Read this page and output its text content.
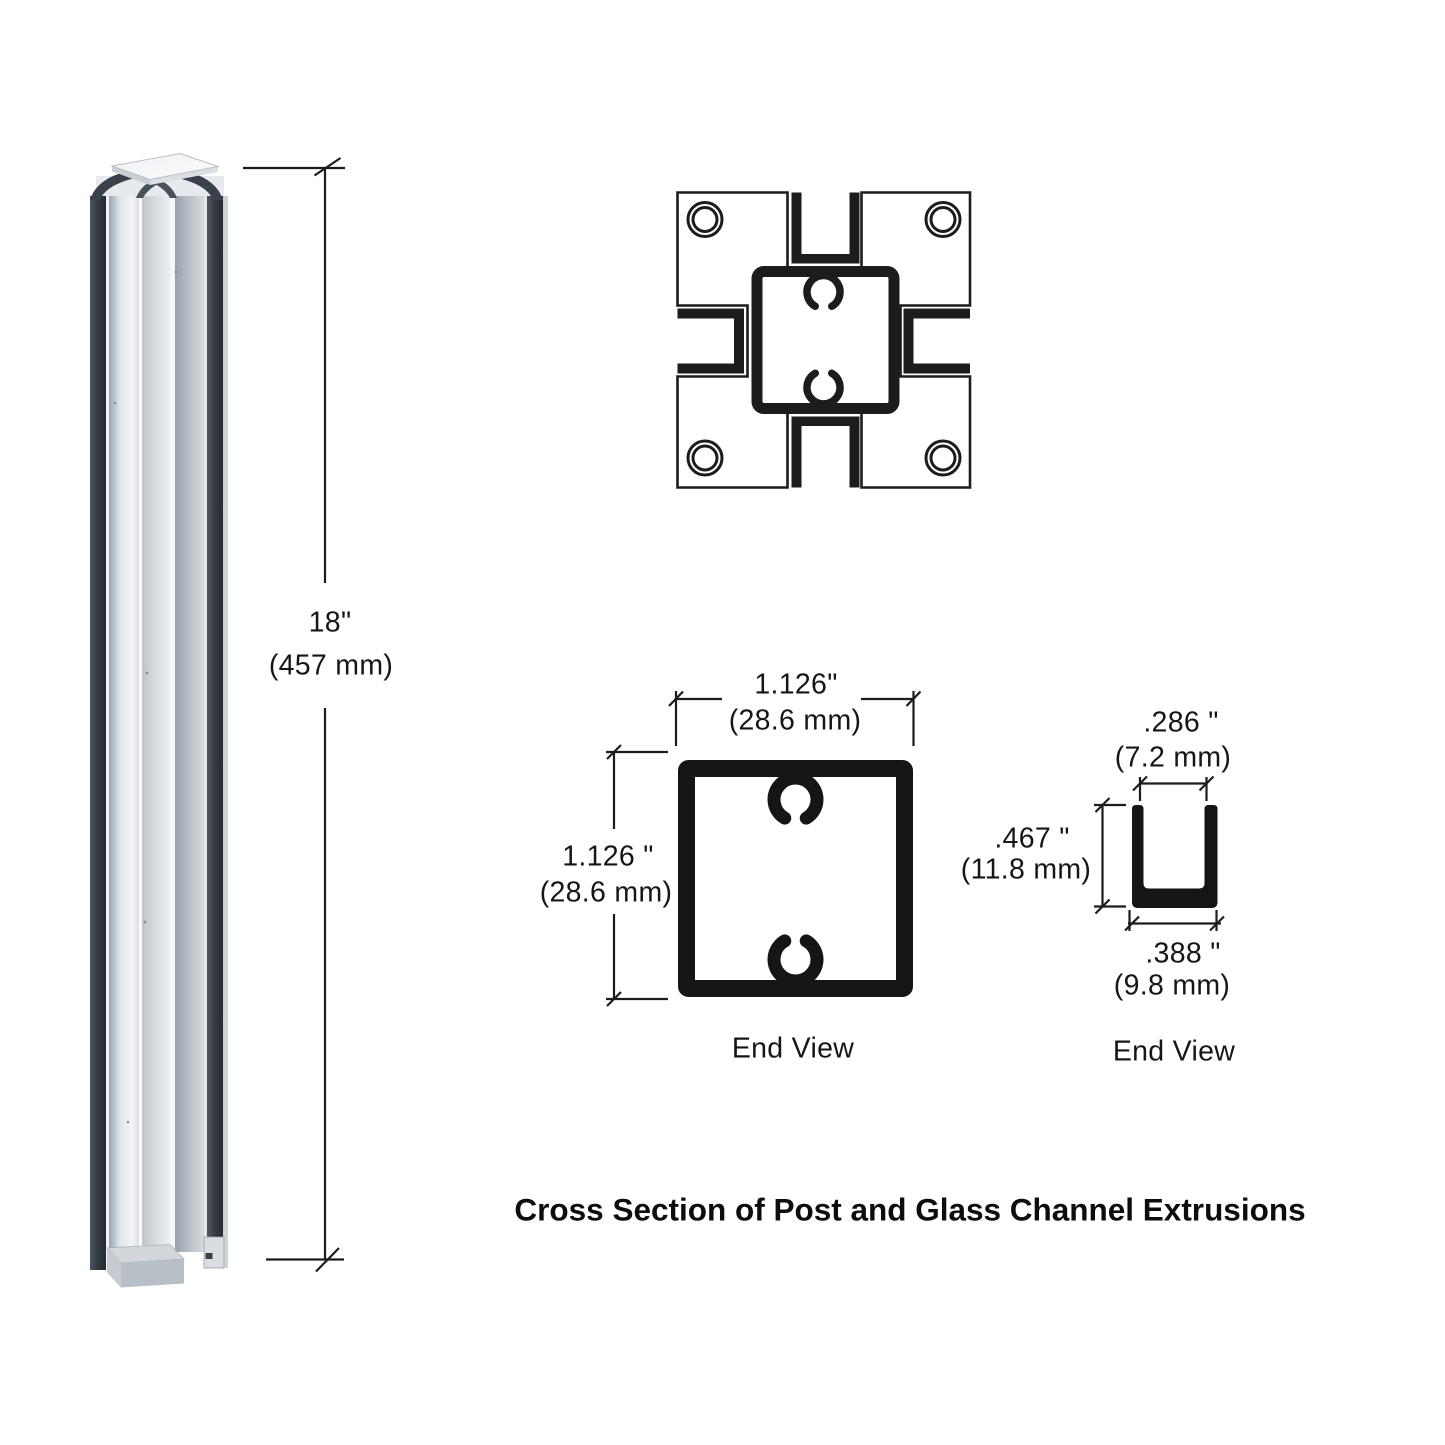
18"
(457 mm)
1.126"
(28.6 mm)
1.126 "
(28.6 mm)
End View
.286 "
(7.2 mm)
.467 "
(11.8 mm)
.388 "
(9.8 mm)
End View
Cross Section of Post and Glass Channel Extrusions
